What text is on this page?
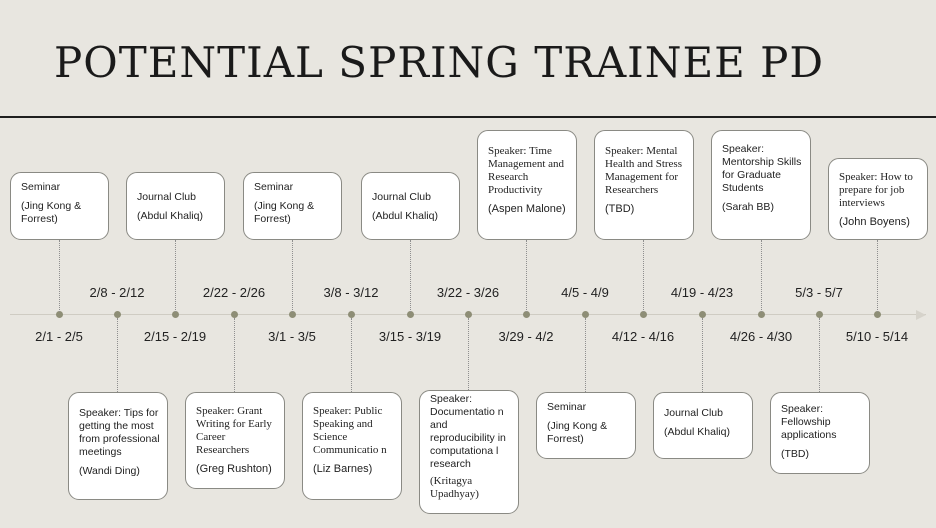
POTENTIAL SPRING TRAINEE PD
2/1 - 2/5
2/8 - 2/12
2/15 - 2/19
2/22 - 2/26
3/1 - 3/5
3/8 - 3/12
3/15 - 3/19
3/22 - 3/26
3/29 - 4/2
4/5 - 4/9
4/12 - 4/16
4/19 - 4/23
4/26 - 4/30
5/3 - 5/7
5/10 - 5/14
Seminar
(Jing Kong & Forrest)
Journal Club
(Abdul Khaliq)
Seminar
(Jing Kong & Forrest)
Journal Club
(Abdul Khaliq)
Speaker: Time Management and Research Productivity
(Aspen Malone)
Speaker: Mental Health and Stress Management for Researchers
(TBD)
Speaker: Mentorship Skills for Graduate Students
(Sarah BB)
Speaker: How to prepare for job interviews
(John Boyens)
Speaker: Tips for getting the most from professional meetings
(Wandi Ding)
Speaker: Grant Writing for Early Career Researchers
(Greg Rushton)
Speaker: Public Speaking and Science Communicatio n
(Liz Barnes)
Speaker: Documentatio n and reproducibility in computationa l research
(Kritagya Upadhyay)
Seminar
(Jing Kong & Forrest)
Journal Club
(Abdul Khaliq)
Speaker: Fellowship applications
(TBD)
